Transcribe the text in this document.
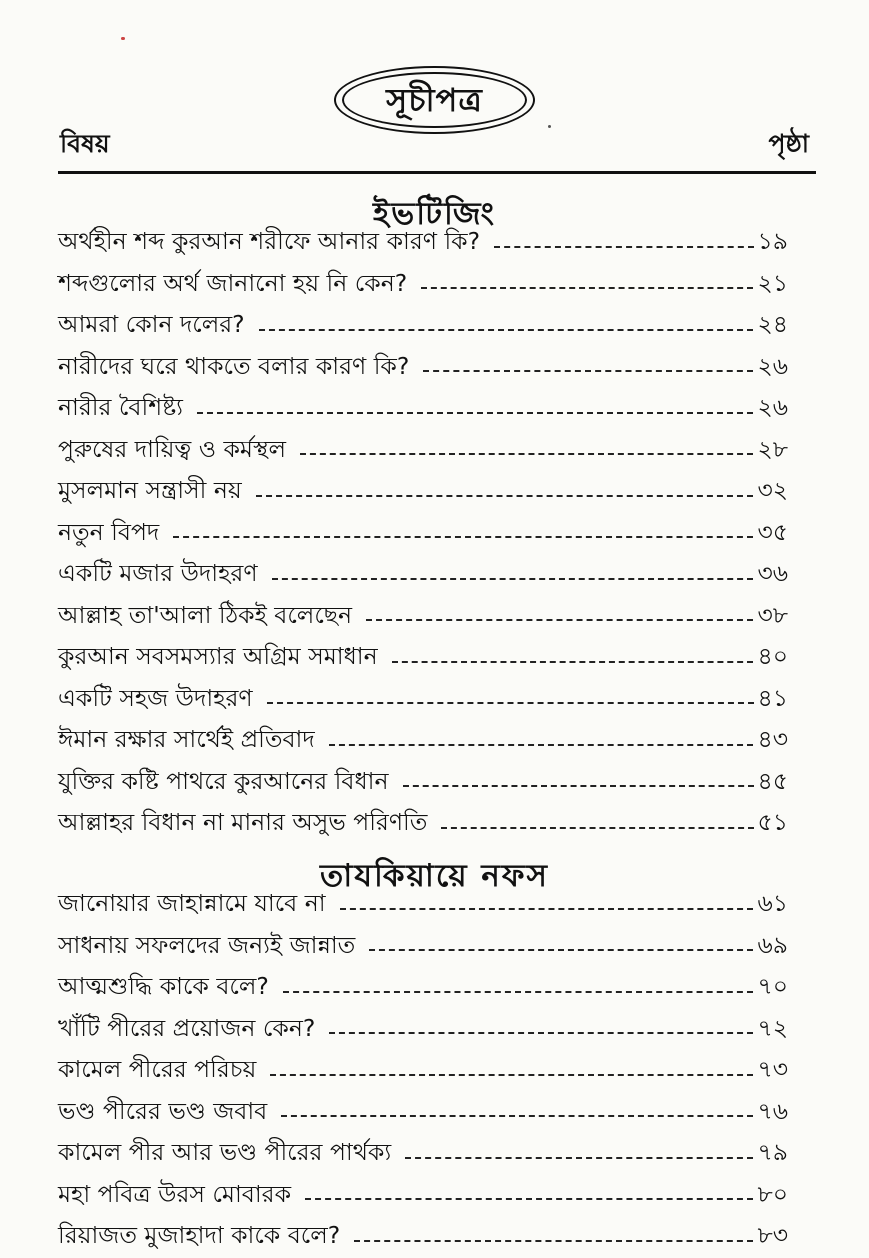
সূচীপত্র
বিষয়	পৃষ্ঠা
ইভটিজিং
অর্থহীন শব্দ কুরআন শরীফে আনার কারণ কি?	১৯
শব্দগুলোর অর্থ জানানো হয় নি কেন?	২১
আমরা কোন দলের?	২৪
নারীদের ঘরে থাকতে বলার কারণ কি?	২৬
নারীর বৈশিষ্ট্য	২৬
পুরুষের দায়িত্ব ও কর্মস্থল	২৮
মুসলমান সন্ত্রাসী নয়	৩২
নতুন বিপদ	৩৫
একটি মজার উদাহরণ	৩৬
আল্লাহ তা'আলা ঠিকই বলেছেন	৩৮
কুরআন সবসমস্যার অগ্রিম সমাধান	৪০
একটি সহজ উদাহরণ	৪১
ঈমান রক্ষার সার্থেই প্রতিবাদ	৪৩
যুক্তির কষ্টি পাথরে কুরআনের বিধান	৪৫
আল্লাহর বিধান না মানার অসুভ পরিণতি	৫১
তাযকিয়ায়ে নফস
জানোয়ার জাহান্নামে যাবে না	৬১
সাধনায় সফলদের জন্যই জান্নাত	৬৯
আত্মশুদ্ধি কাকে বলে?	৭০
খাঁটি পীরের প্রয়োজন কেন?	৭২
কামেল পীরের পরিচয়	৭৩
ভণ্ড পীরের ভণ্ড জবাব	৭৬
কামেল পীর আর ভণ্ড পীরের পার্থক্য	৭৯
মহা পবিত্র উরস মোবারক	৮০
রিয়াজত মুজাহাদা কাকে বলে?	৮৩
